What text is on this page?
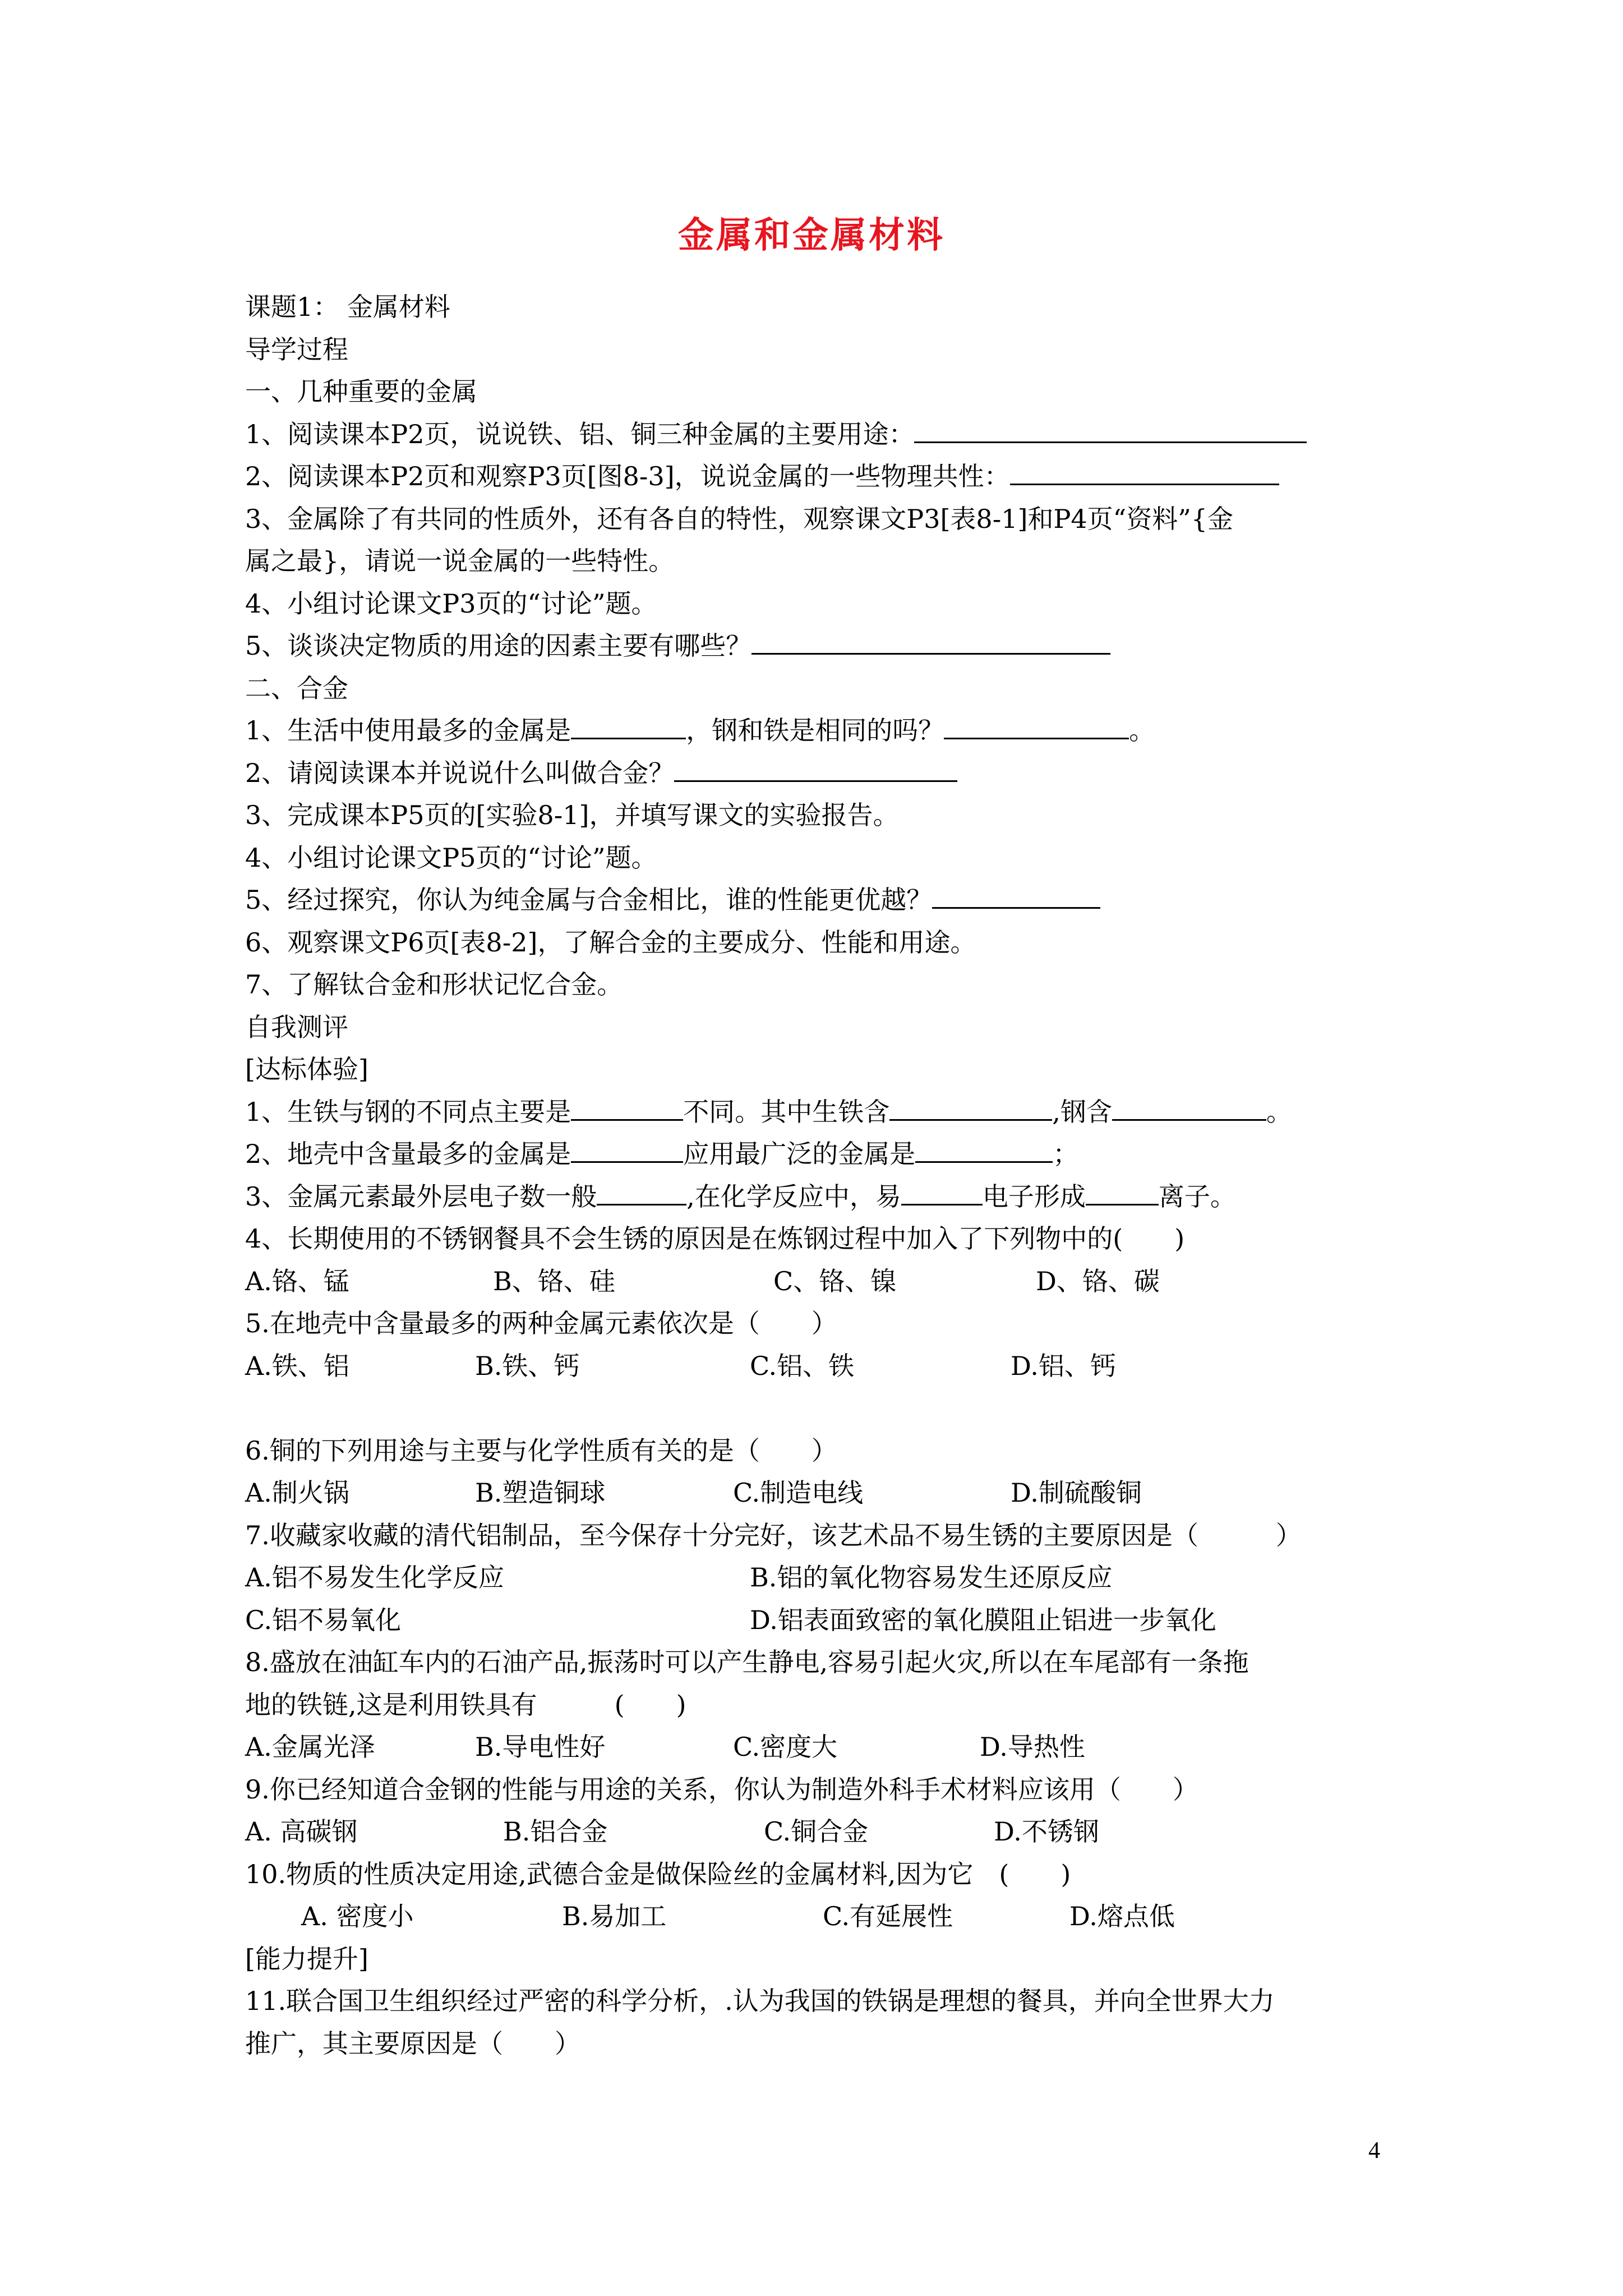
金属和金属材料
课题1： 金属材料
导学过程
一、几种重要的金属
1、阅读课本P2页，说说铁、铝、铜三种金属的主要用途：
2、阅读课本P2页和观察P3页[图8-3]，说说金属的一些物理共性：
3、金属除了有共同的性质外，还有各自的特性，观察课文P3[表8-1]和P4页“资料”{金
属之最}，请说一说金属的一些特性。
4、小组讨论课文P3页的“讨论”题。
5、谈谈决定物质的用途的因素主要有哪些？
二、合金
1、生活中使用最多的金属是	，钢和铁是相同的吗？	。
2、请阅读课本并说说什么叫做合金？
3、完成课本P5页的[实验8-1]，并填写课文的实验报告。
4、小组讨论课文P5页的“讨论”题。
5、经过探究，你认为纯金属与合金相比，谁的性能更优越？
6、观察课文P6页[表8-2]，了解合金的主要成分、性能和用途。
7、了解钛合金和形状记忆合金。
自我测评
[达标体验]
1、生铁与钢的不同点主要是	不同。其中生铁含	,钢含	。
2、地壳中含量最多的金属是	应用最广泛的金属是	；
3、金属元素最外层电子数一般	,在化学反应中，易	电子形成	离子。
4、长期使用的不锈钢餐具不会生锈的原因是在炼钢过程中加入了下列物中的(　　)
A.铬、锰	B、铬、硅	C、铬、镍	D、铬、碳
5.在地壳中含量最多的两种金属元素依次是（　　）
A.铁、铝	B.铁、钙	C.铝、铁	D.铝、钙
6.铜的下列用途与主要与化学性质有关的是（　　）
A.制火锅	B.塑造铜球	C.制造电线	D.制硫酸铜
7.收藏家收藏的清代铝制品，至今保存十分完好，该艺术品不易生锈的主要原因是（　　　）
A.铝不易发生化学反应	B.铝的氧化物容易发生还原反应
C.铝不易氧化	D.铝表面致密的氧化膜阻止铝进一步氧化
8.盛放在油缸车内的石油产品,振荡时可以产生静电,容易引起火灾,所以在车尾部有一条拖
地的铁链,这是利用铁具有　　　(　　)
A.金属光泽	B.导电性好	C.密度大	D.导热性
9.你已经知道合金钢的性能与用途的关系，你认为制造外科手术材料应该用（　　）
A. 高碳钢	B.铝合金	C.铜合金	D.不锈钢
10.物质的性质决定用途,武德合金是做保险丝的金属材料,因为它　(　　)
A. 密度小	B.易加工	C.有延展性	D.熔点低
[能力提升]
11.联合国卫生组织经过严密的科学分析，.认为我国的铁锅是理想的餐具，并向全世界大力
推广，其主要原因是（　　）
4
